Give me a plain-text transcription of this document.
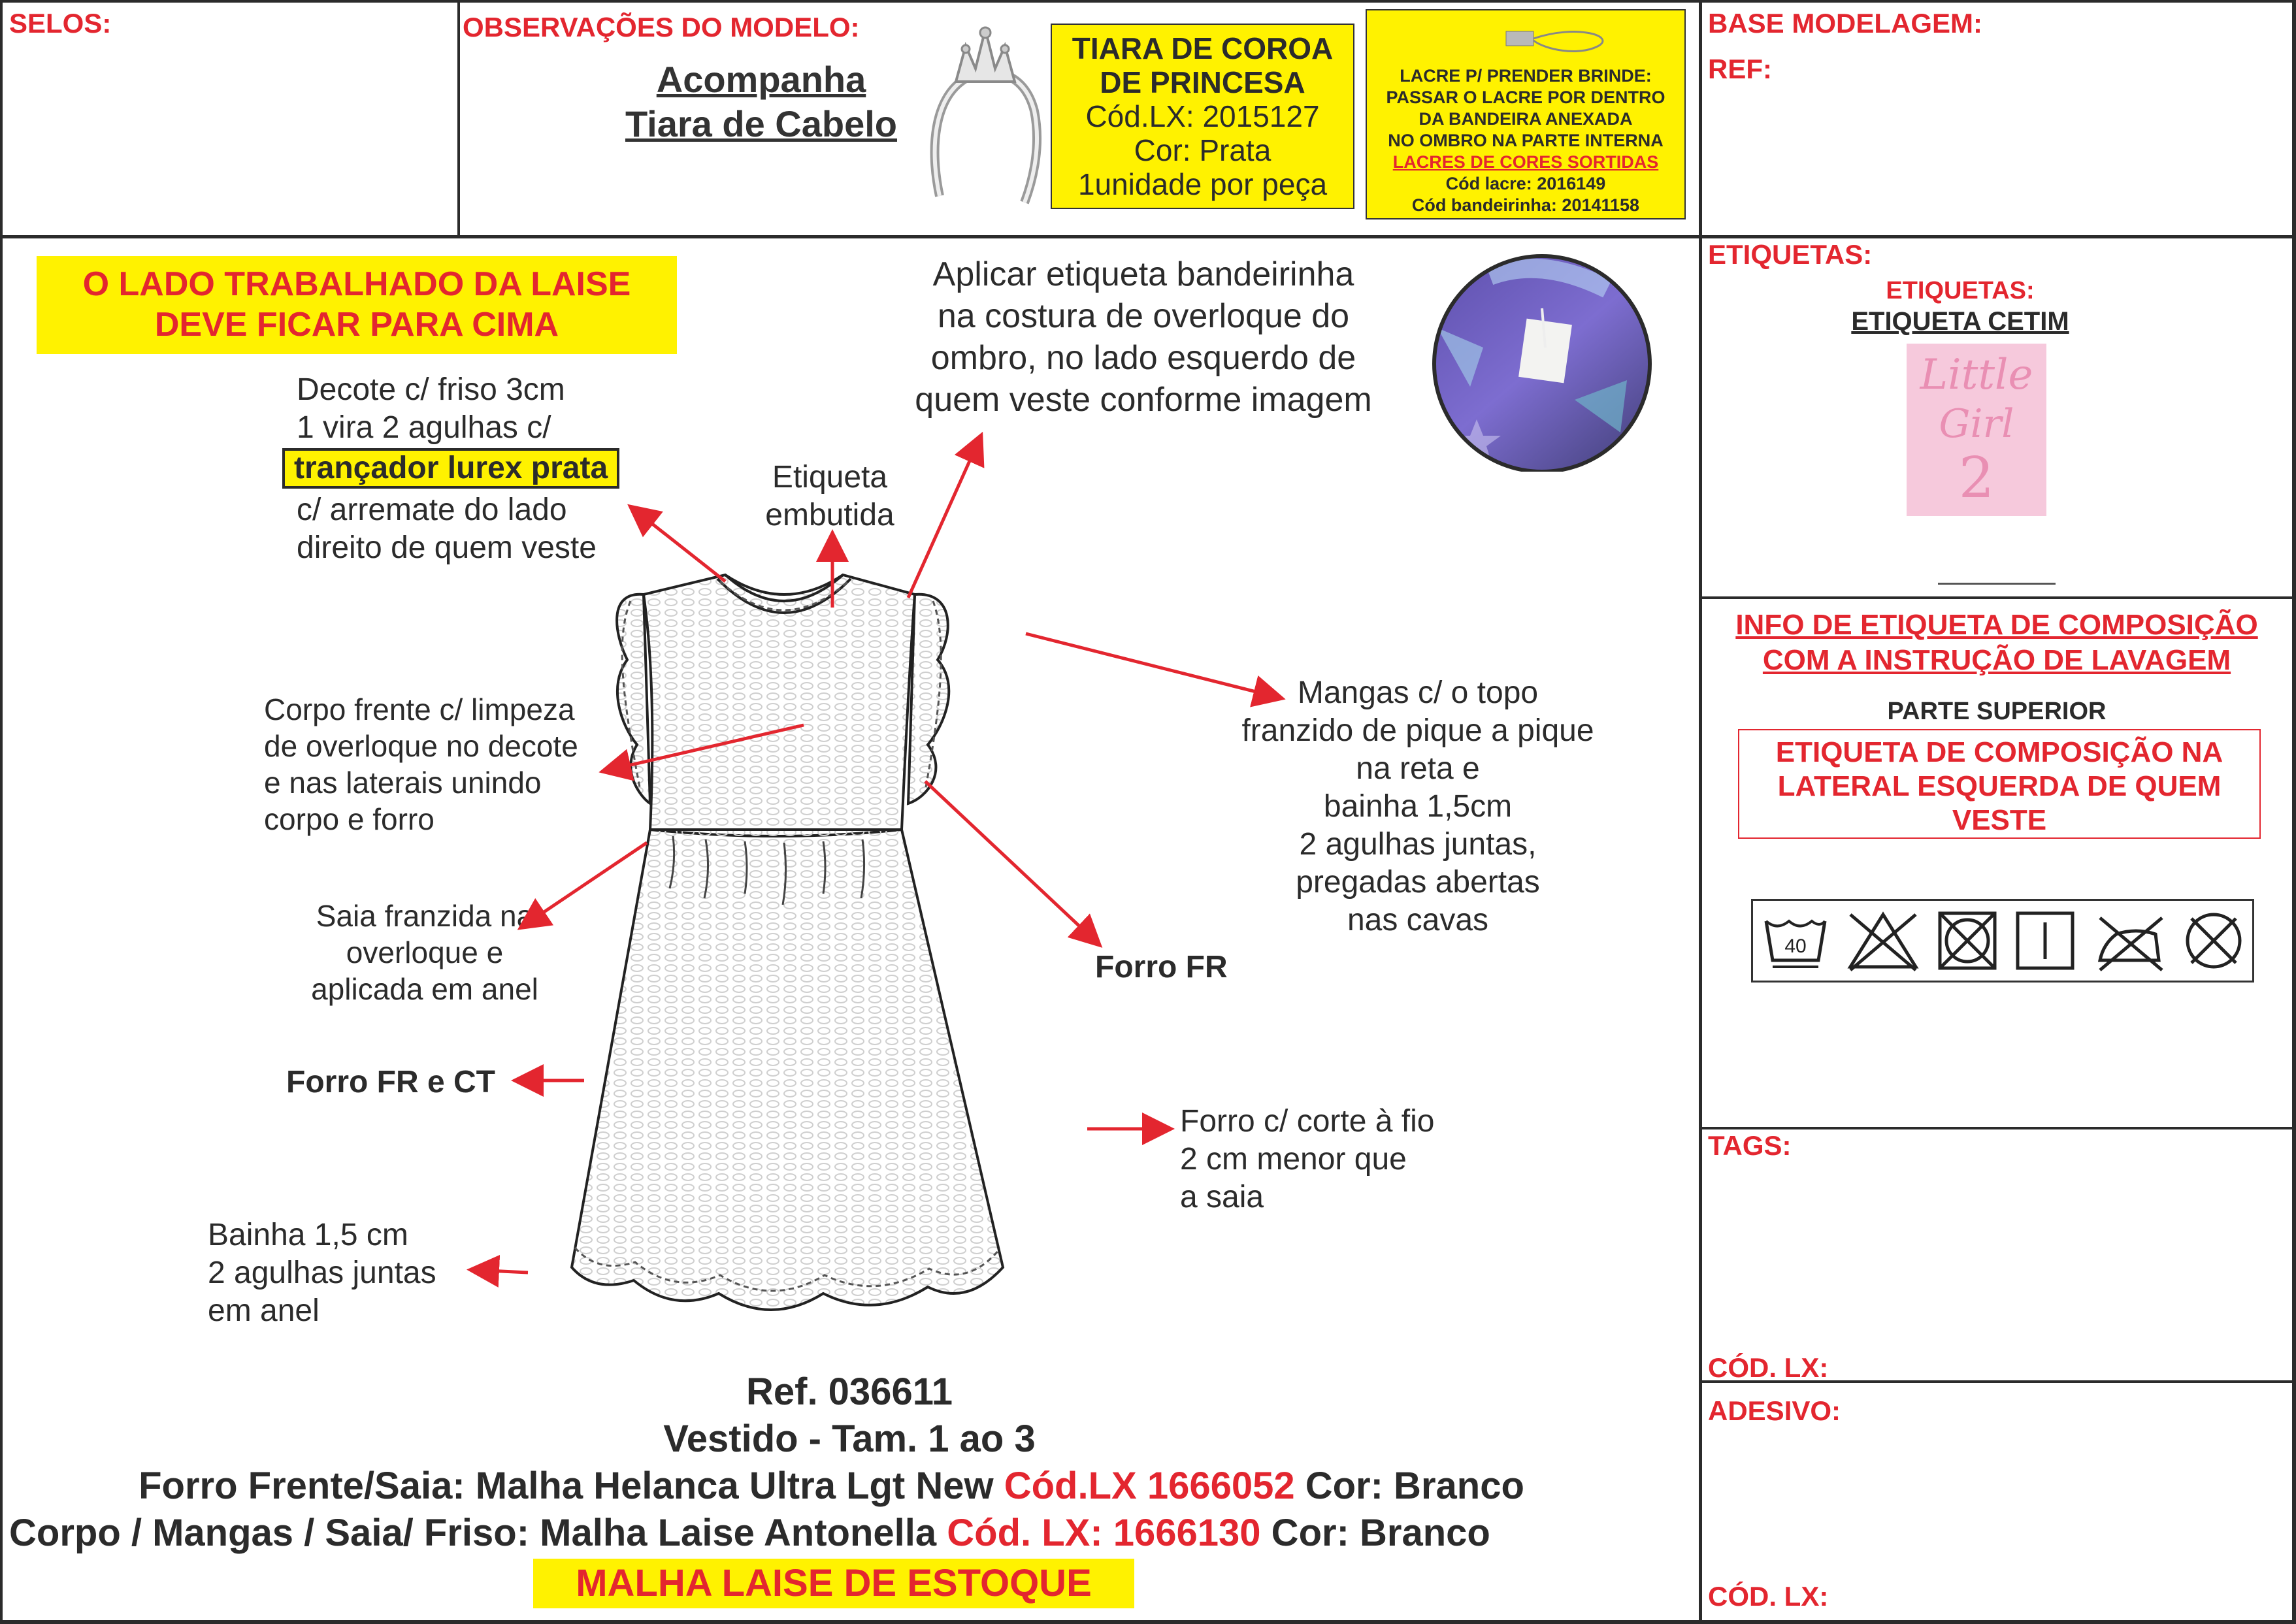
SELOS:	OBSERVAÇÕES DO MODELO:
Acompanha
Tiara de Cabelo
TIARA DE COROA
DE PRINCESA
Cód.LX: 2015127
Cor: Prata
1unidade por peça
LACRE P/ PRENDER BRINDE:
PASSAR O LACRE POR DENTRO
DA BANDEIRA ANEXADA
NO OMBRO NA PARTE INTERNA
LACRES DE CORES SORTIDAS
Cód lacre: 2016149
Cód bandeirinha: 20141158
BASE MODELAGEM:
REF:
O LADO TRABALHADO DA LAISE
DEVE FICAR PARA CIMA
Decote c/ friso 3cm
1 vira 2 agulhas c/
trançador lurex prata
c/ arremate do lado
direito de quem veste
Etiqueta
embutida
Aplicar etiqueta bandeirinha
na costura de overloque do
ombro, no lado esquerdo de
quem veste conforme imagem
Corpo frente c/ limpeza
de overloque no decote
e nas laterais unindo
corpo e forro
Mangas c/ o topo
franzido de pique a pique
na reta e
bainha 1,5cm
2 agulhas juntas,
pregadas abertas
nas cavas
Saia franzida na
overloque e
aplicada em anel
Forro FR
Forro FR e CT
Forro c/ corte à fio
2 cm menor que
a saia
Bainha 1,5 cm
2 agulhas juntas
em anel
Ref. 036611
Vestido - Tam. 1 ao 3
Forro Frente/Saia: Malha Helanca Ultra Lgt New Cód.LX 1666052 Cor: Branco
Corpo / Mangas / Saia/ Friso: Malha Laise Antonella Cód. LX: 1666130 Cor: Branco
MALHA LAISE DE ESTOQUE
ETIQUETAS:
ETIQUETAS:
ETIQUETA CETIM
Little
Girl
2
INFO DE ETIQUETA DE COMPOSIÇÃO
COM A INSTRUÇÃO DE LAVAGEM
PARTE SUPERIOR
ETIQUETA DE COMPOSIÇÃO NA
LATERAL ESQUERDA DE QUEM
VESTE
40
TAGS:
CÓD. LX:
ADESIVO:
CÓD. LX:
